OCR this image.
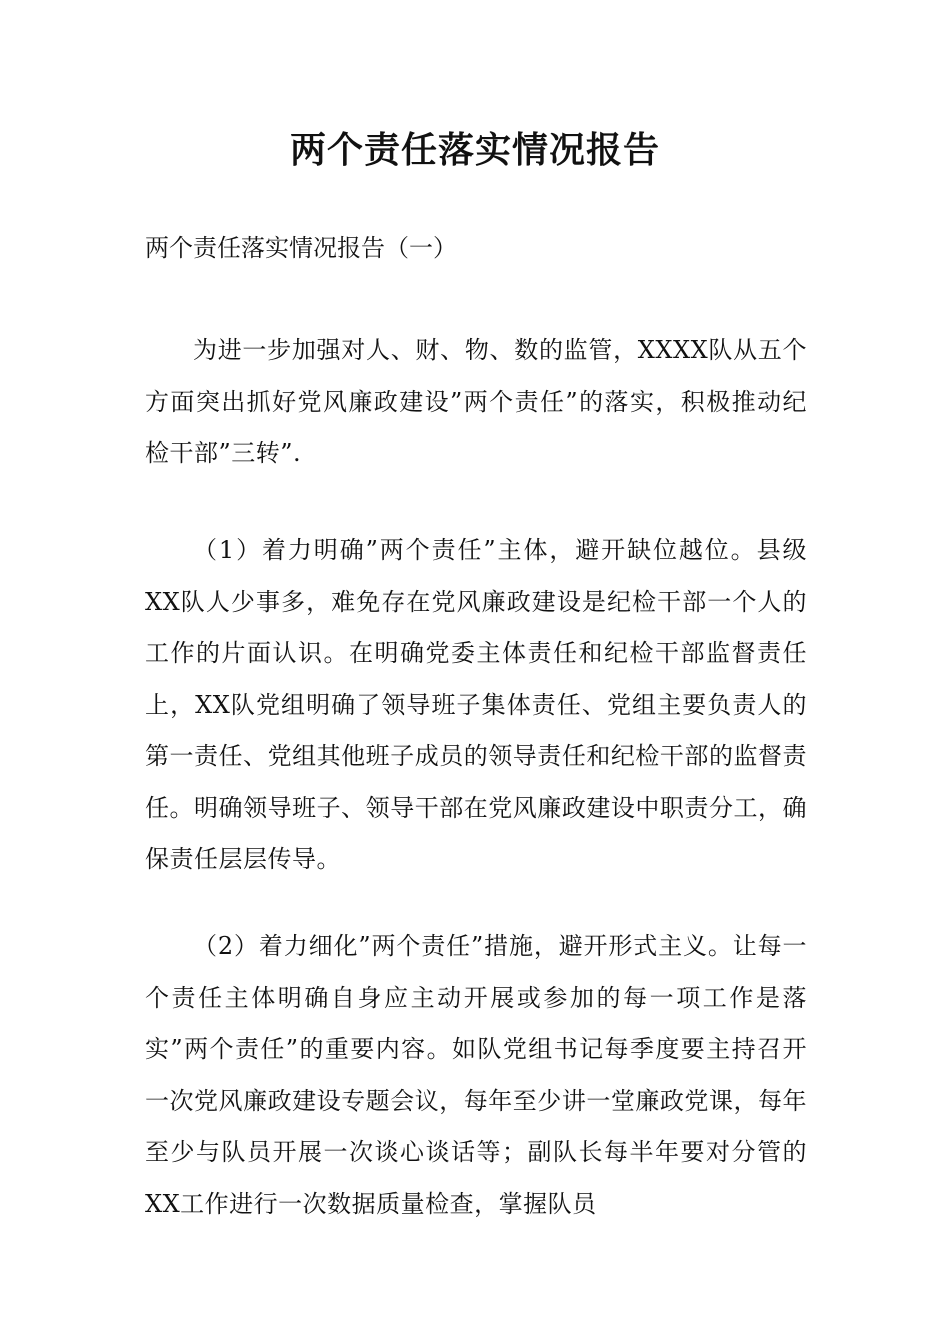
两个责任落实情况报告

两个责任落实情况报告（一）

为进一步加强对人、财、物、数的监管，XXXX队从五个方面突出抓好党风廉政建设”两个责任”的落实，积极推动纪检干部”三转”.

（1）着力明确”两个责任”主体，避开缺位越位。县级XX队人少事多，难免存在党风廉政建设是纪检干部一个人的工作的片面认识。在明确党委主体责任和纪检干部监督责任上，XX队党组明确了领导班子集体责任、党组主要负责人的第一责任、党组其他班子成员的领导责任和纪检干部的监督责任。明确领导班子、领导干部在党风廉政建设中职责分工，确保责任层层传导。

（2）着力细化”两个责任”措施，避开形式主义。让每一个责任主体明确自身应主动开展或参加的每一项工作是落实”两个责任”的重要内容。如队党组书记每季度要主持召开一次党风廉政建设专题会议，每年至少讲一堂廉政党课，每年至少与队员开展一次谈心谈话等；副队长每半年要对分管的XX工作进行一次数据质量检查，掌握队员
